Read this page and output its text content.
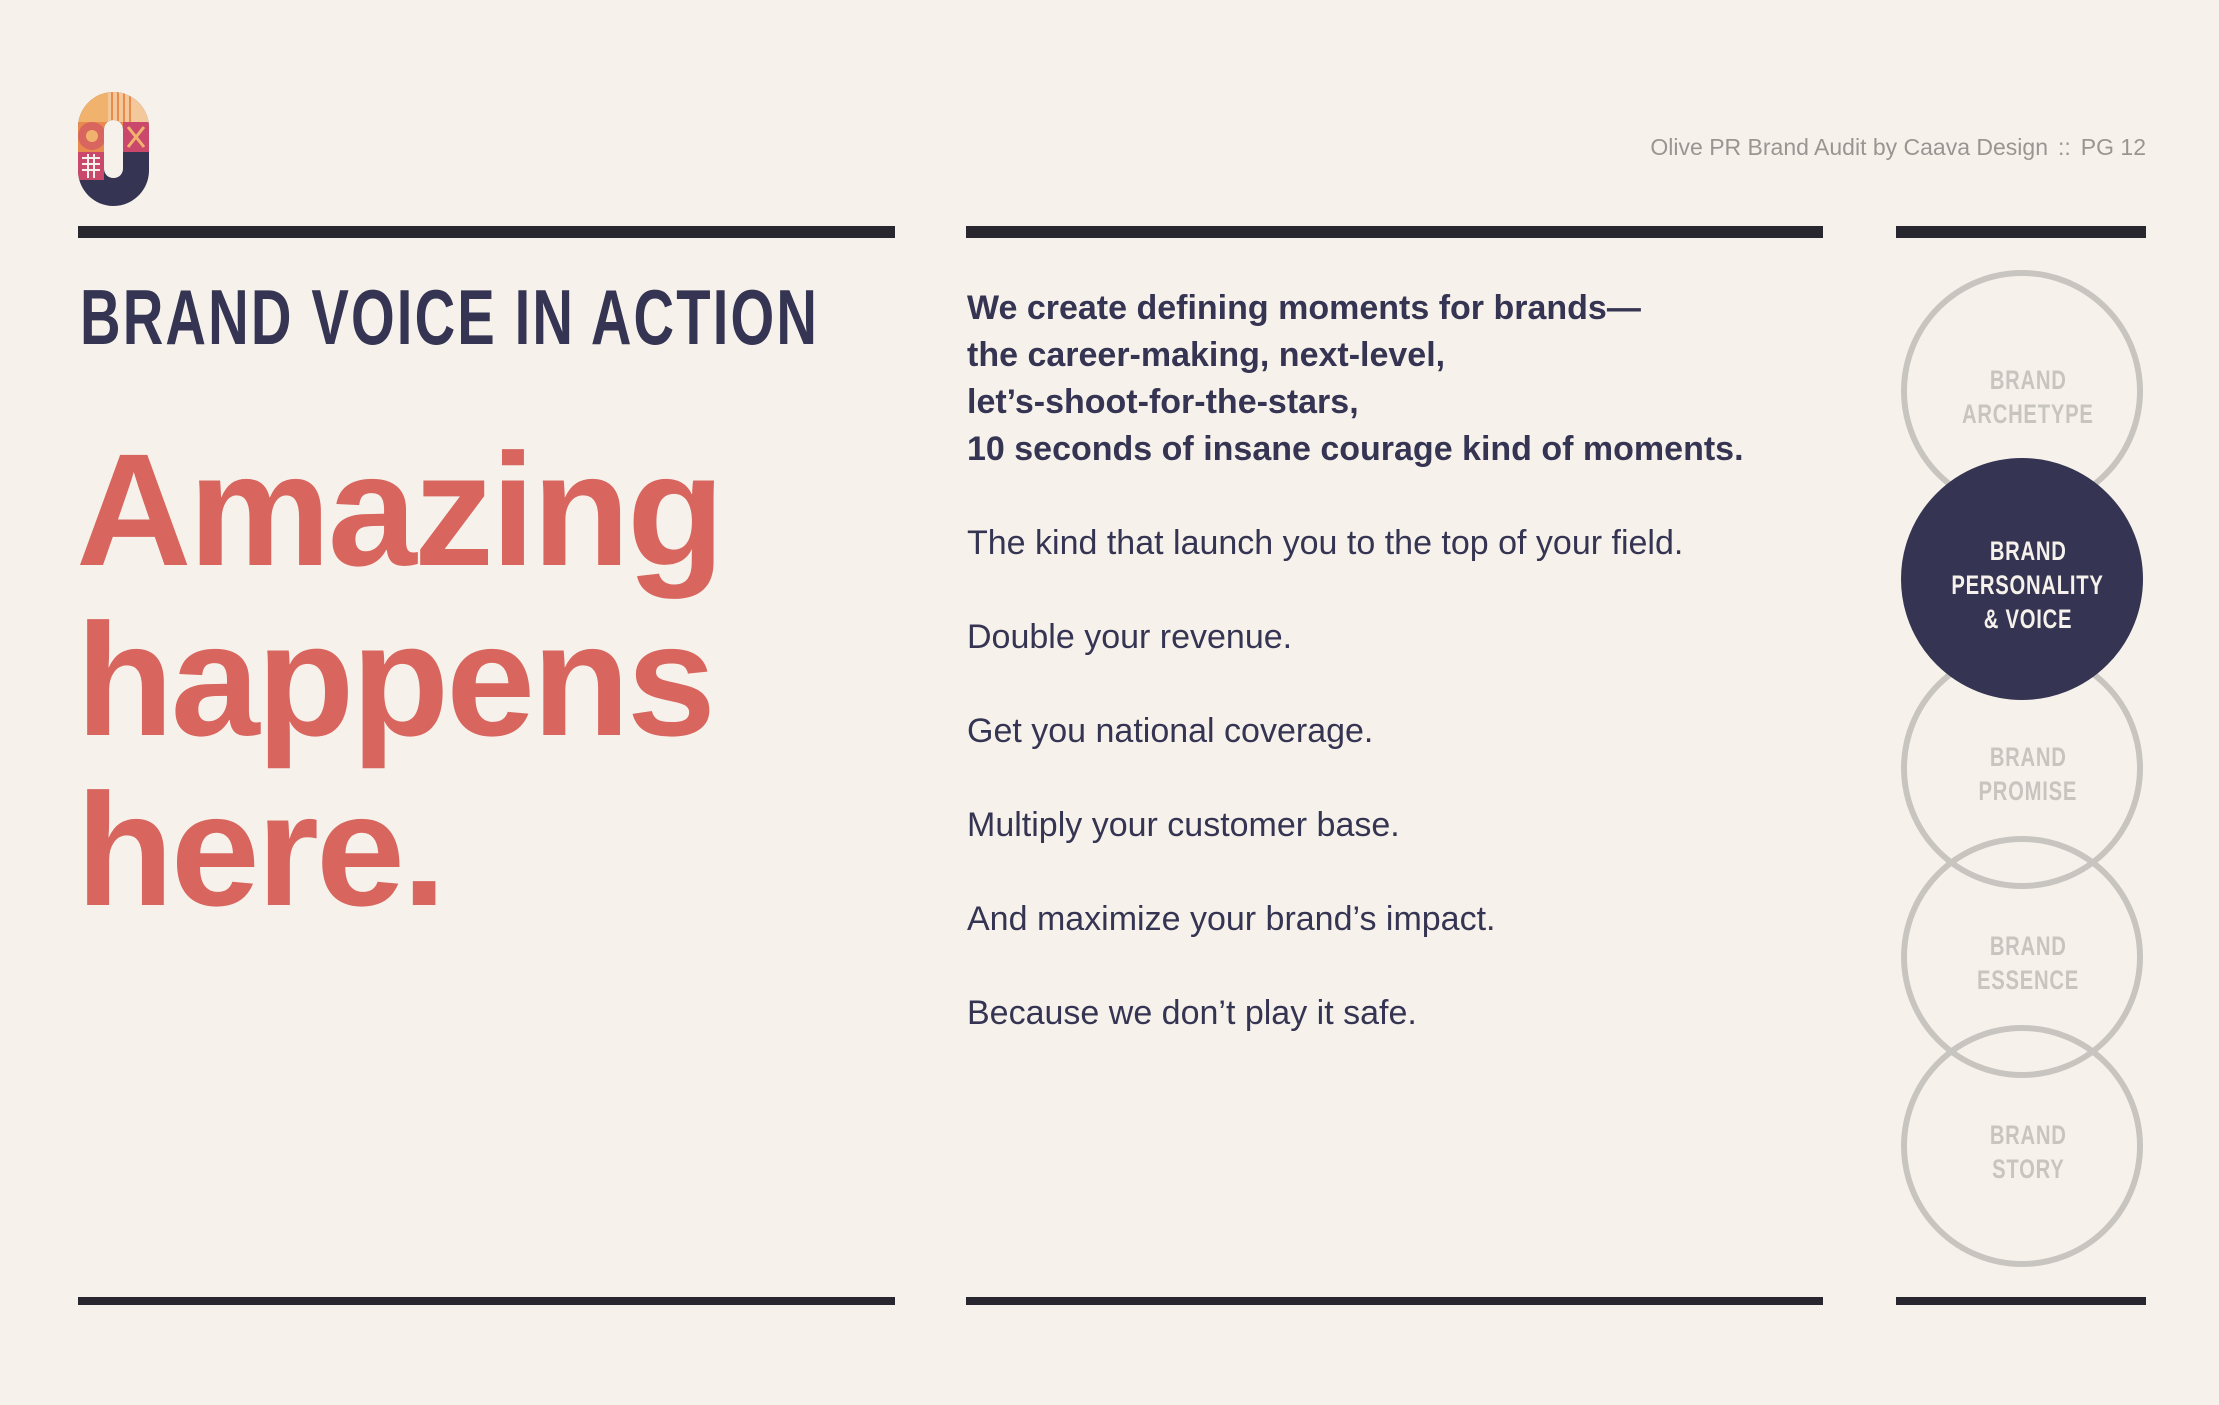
Olive PR Brand Audit by Caava Design :: PG 12
BRAND VOICE IN ACTION
Amazing
happens
here.

We create defining moments for brands—
the career-making, next-level,
let’s-shoot-for-the-stars,
10 seconds of insane courage kind of moments.

The kind that launch you to the top of your field.

Double your revenue.

Get you national coverage.

Multiply your customer base.

And maximize your brand’s impact.

Because we don’t play it safe.

BRAND
ARCHETYPE
BRAND
PROMISE
BRAND
ESSENCE
BRAND
STORY
BRAND
PERSONALITY
& VOICE
